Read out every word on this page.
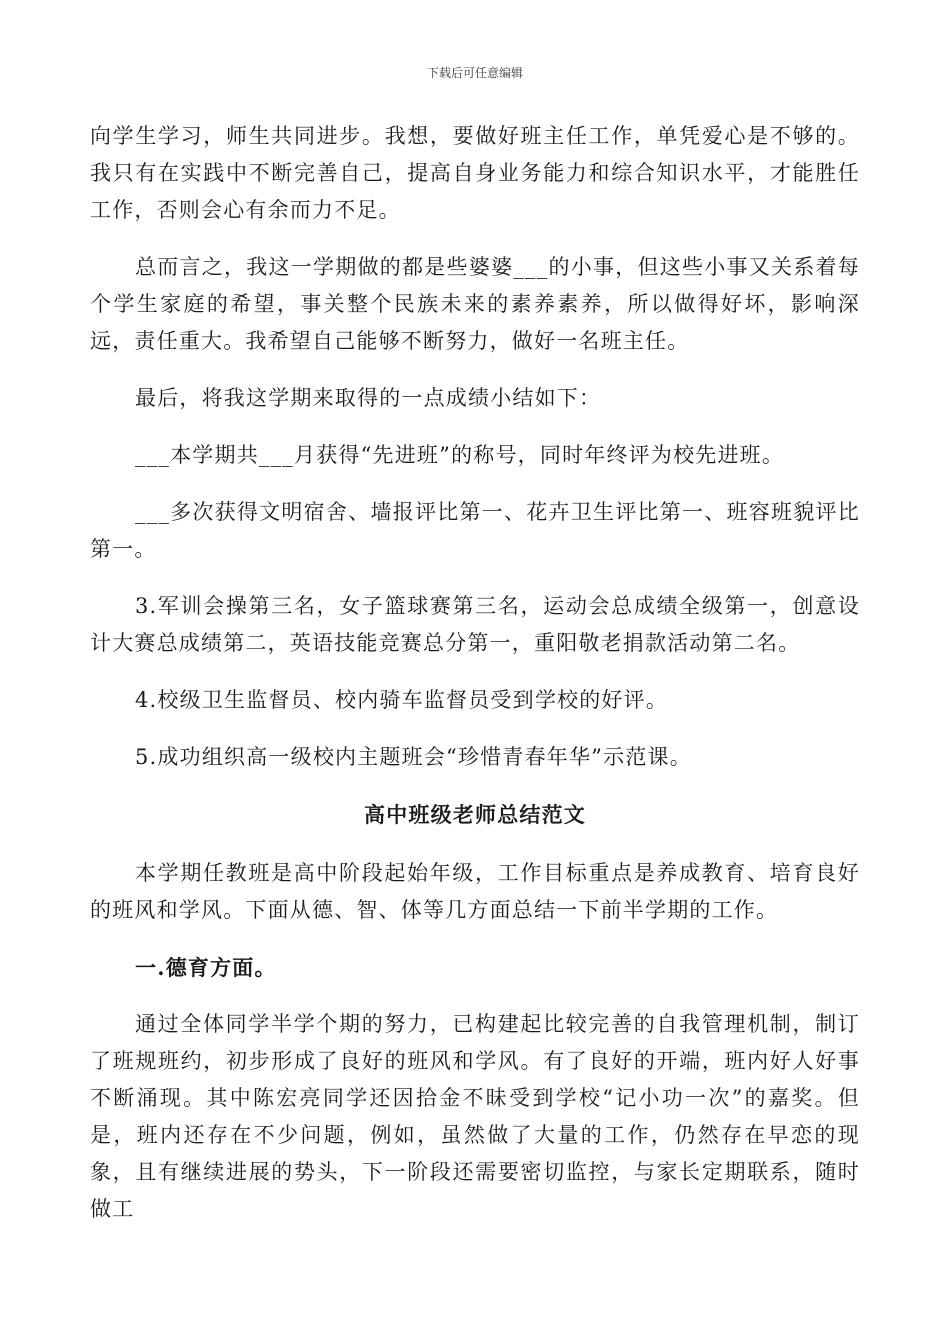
下载后可任意编辑

向学生学习，师生共同进步。我想，要做好班主任工作，单凭爱心是不够的。我只有在实践中不断完善自己，提高自身业务能力和综合知识水平，才能胜任工作，否则会心有余而力不足。

总而言之，我这一学期做的都是些婆婆___的小事，但这些小事又关系着每个学生家庭的希望，事关整个民族未来的素养素养，所以做得好坏，影响深远，责任重大。我希望自己能够不断努力，做好一名班主任。

最后，将我这学期来取得的一点成绩小结如下：

___本学期共___月获得“先进班”的称号，同时年终评为校先进班。

___多次获得文明宿舍、墙报评比第一、花卉卫生评比第一、班容班貌评比第一。

3.军训会操第三名，女子篮球赛第三名，运动会总成绩全级第一，创意设计大赛总成绩第二，英语技能竞赛总分第一，重阳敬老捐款活动第二名。

4.校级卫生监督员、校内骑车监督员受到学校的好评。

5.成功组织高一级校内主题班会“珍惜青春年华”示范课。

高中班级老师总结范文

本学期任教班是高中阶段起始年级，工作目标重点是养成教育、培育良好的班风和学风。下面从德、智、体等几方面总结一下前半学期的工作。

一.德育方面。

通过全体同学半学个期的努力，已构建起比较完善的自我管理机制，制订了班规班约，初步形成了良好的班风和学风。有了良好的开端，班内好人好事不断涌现。其中陈宏亮同学还因拾金不昧受到学校“记小功一次”的嘉奖。但是，班内还存在不少问题，例如，虽然做了大量的工作，仍然存在早恋的现象，且有继续进展的势头，下一阶段还需要密切监控，与家长定期联系，随时做工
